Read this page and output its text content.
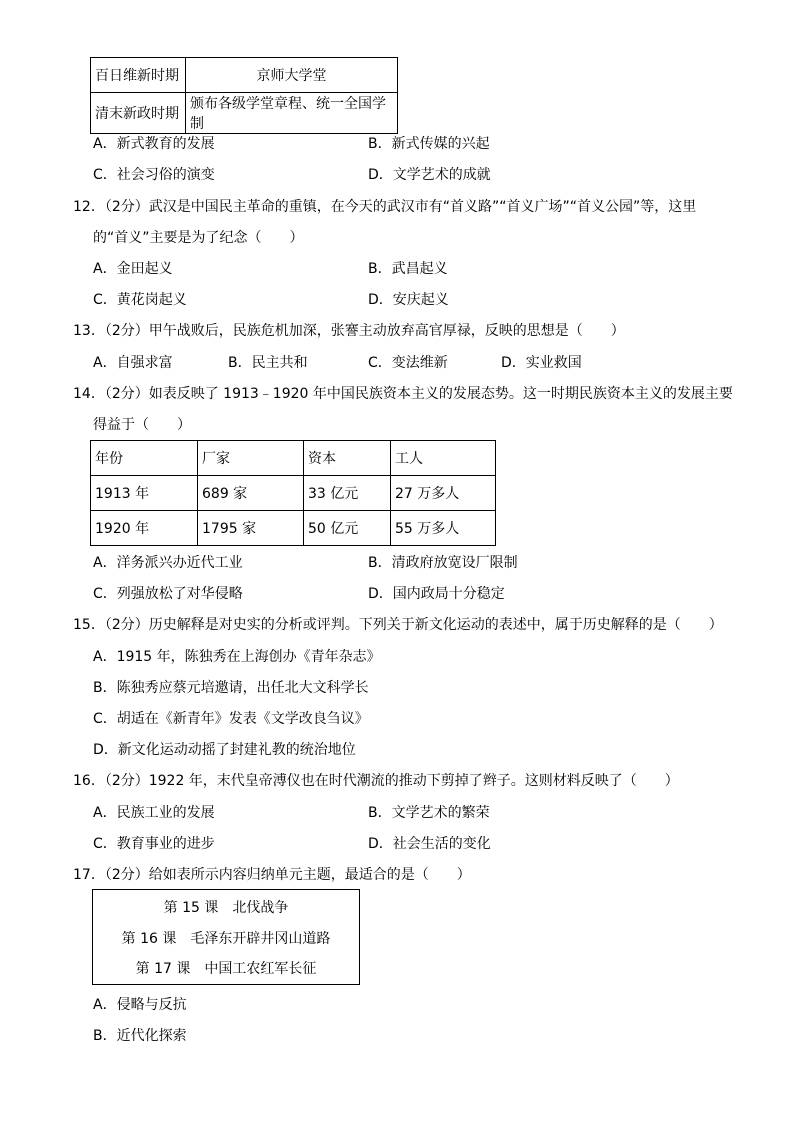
百日维新时期	京师大学堂
清末新政时期	颁布各级学堂章程、统一全国学制
A．新式教育的发展	B．新式传媒的兴起
C．社会习俗的演变	D．文学艺术的成就
12．（2分）武汉是中国民主革命的重镇，在今天的武汉市有“首义路”“首义广场”“首义公园”等，这里
的“首义”主要是为了纪念（　　）
A．金田起义	B．武昌起义
C．黄花岗起义	D．安庆起义
13．（2分）甲午战败后，民族危机加深，张謇主动放弃高官厚禄，反映的思想是（　　）
A．自强求富	B．民主共和	C．变法维新	D．实业救国
14．（2分）如表反映了 1913﹣1920 年中国民族资本主义的发展态势。这一时期民族资本主义的发展主要
得益于（　　）
年份	厂家	资本	工人
1913 年	689 家	33 亿元	27 万多人
1920 年	1795 家	50 亿元	55 万多人
A．洋务派兴办近代工业	B．清政府放宽设厂限制
C．列强放松了对华侵略	D．国内政局十分稳定
15．（2分）历史解释是对史实的分析或评判。下列关于新文化运动的表述中，属于历史解释的是（　　）
A．1915 年，陈独秀在上海创办《青年杂志》
B．陈独秀应蔡元培邀请，出任北大文科学长
C．胡适在《新青年》发表《文学改良刍议》
D．新文化运动动摇了封建礼教的统治地位
16．（2分）1922 年，末代皇帝溥仪也在时代潮流的推动下剪掉了辫子。这则材料反映了（　　）
A．民族工业的发展	B．文学艺术的繁荣
C．教育事业的进步	D．社会生活的变化
17．（2分）给如表所示内容归纳单元主题，最适合的是（　　）
第 15 课　北伐战争
第 16 课　毛泽东开辟井冈山道路
第 17 课　中国工农红军长征
A．侵略与反抗
B．近代化探索
